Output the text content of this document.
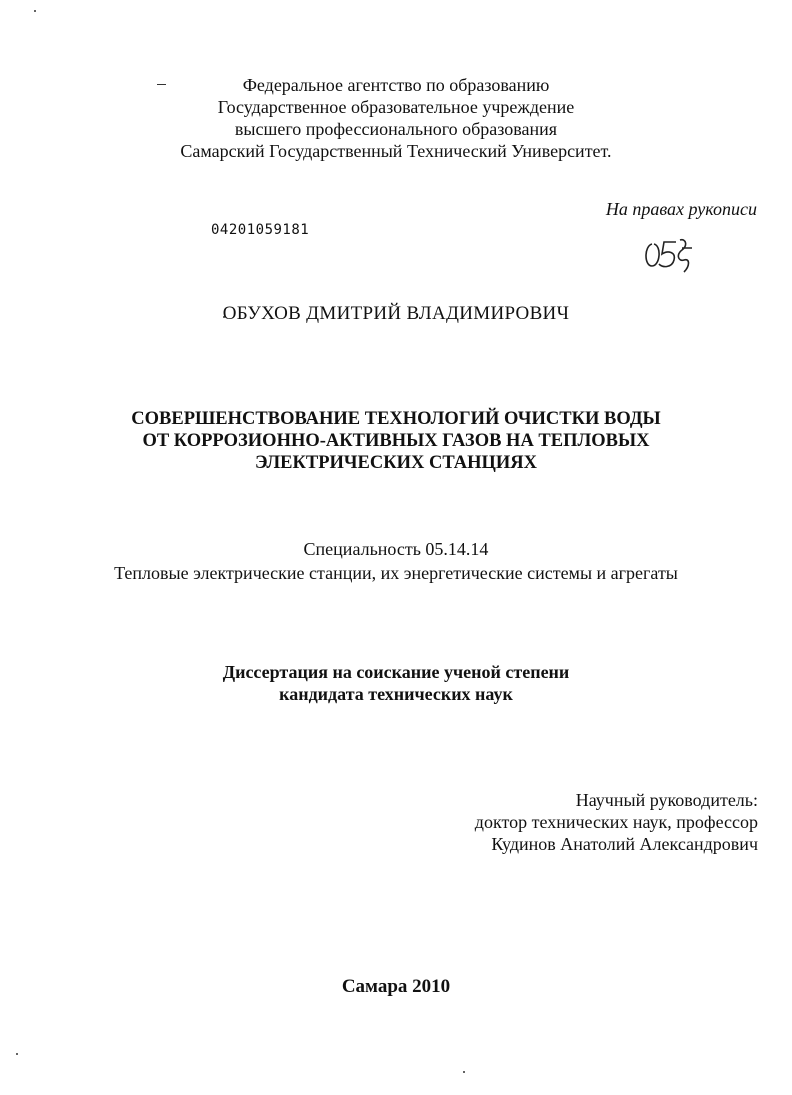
Федеральное агентство по образованию
Государственное образовательное учреждение
высшего профессионального образования
Самарский Государственный Технический Университет.
На правах рукописи
04201059181
ОБУХОВ ДМИТРИЙ ВЛАДИМИРОВИЧ
СОВЕРШЕНСТВОВАНИЕ ТЕХНОЛОГИЙ ОЧИСТКИ ВОДЫ
ОТ КОРРОЗИОННО-АКТИВНЫХ ГАЗОВ НА ТЕПЛОВЫХ
ЭЛЕКТРИЧЕСКИХ СТАНЦИЯХ
Специальность 05.14.14
Тепловые электрические станции, их энергетические системы и агрегаты
Диссертация на соискание ученой степени
кандидата технических наук
Научный руководитель:
доктор технических наук, профессор
Кудинов Анатолий Александрович
Самара 2010
